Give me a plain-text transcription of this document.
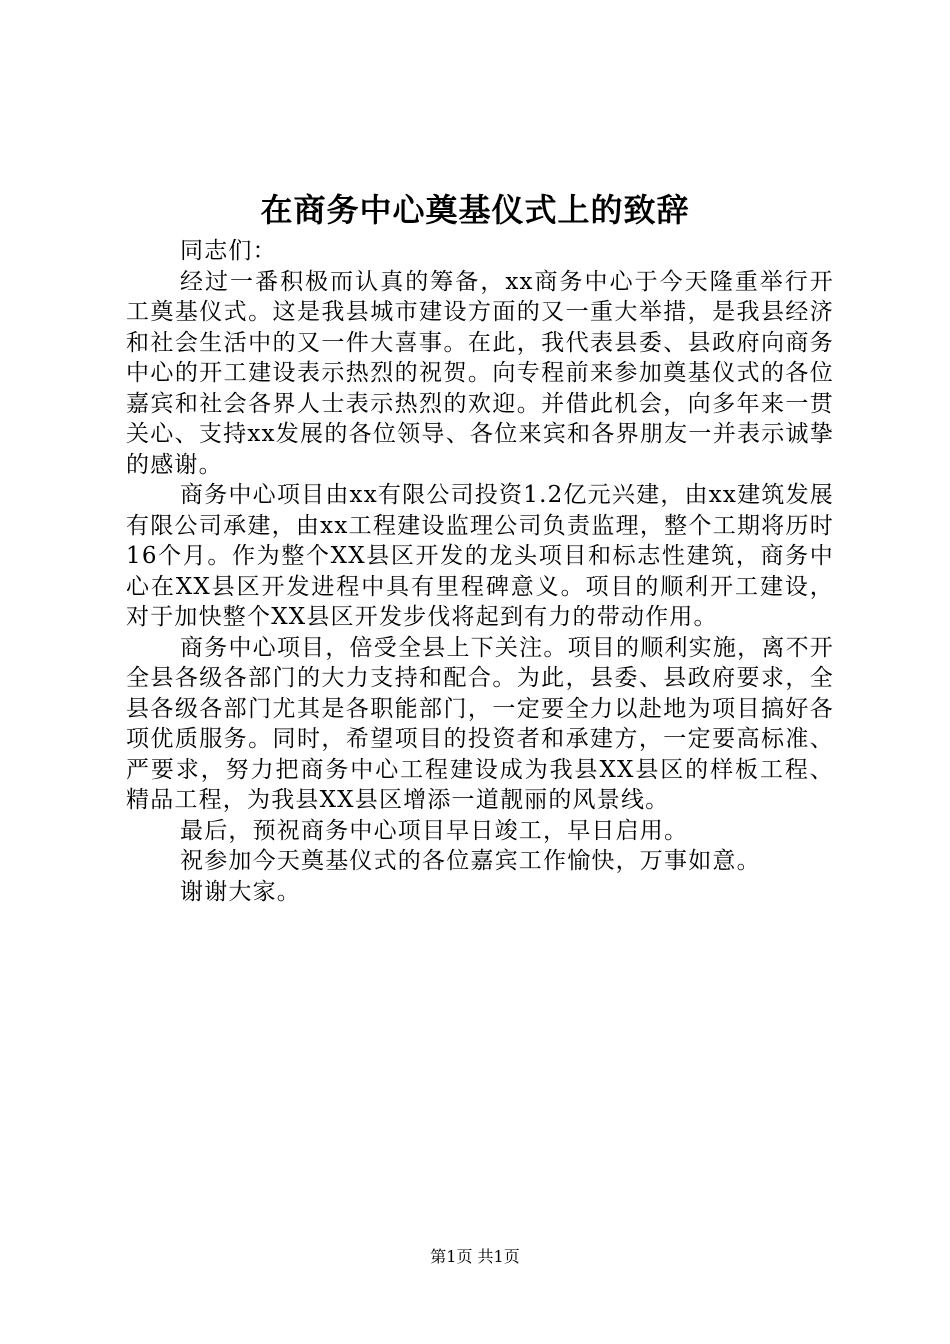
在商务中心奠基仪式上的致辞

同志们：

经过一番积极而认真的筹备，xx商务中心于今天隆重举行开工奠基仪式。这是我县城市建设方面的又一重大举措，是我县经济和社会生活中的又一件大喜事。在此，我代表县委、县政府向商务中心的开工建设表示热烈的祝贺。向专程前来参加奠基仪式的各位嘉宾和社会各界人士表示热烈的欢迎。并借此机会，向多年来一贯关心、支持xx发展的各位领导、各位来宾和各界朋友一并表示诚挚的感谢。

商务中心项目由xx有限公司投资1.2亿元兴建，由xx建筑发展有限公司承建，由xx工程建设监理公司负责监理，整个工期将历时16个月。作为整个XX县区开发的龙头项目和标志性建筑，商务中心在XX县区开发进程中具有里程碑意义。项目的顺利开工建设，对于加快整个XX县区开发步伐将起到有力的带动作用。

商务中心项目，倍受全县上下关注。项目的顺利实施，离不开全县各级各部门的大力支持和配合。为此，县委、县政府要求，全县各级各部门尤其是各职能部门，一定要全力以赴地为项目搞好各项优质服务。同时，希望项目的投资者和承建方，一定要高标准、严要求，努力把商务中心工程建设成为我县XX县区的样板工程、精品工程，为我县XX县区增添一道靓丽的风景线。

最后，预祝商务中心项目早日竣工，早日启用。

祝参加今天奠基仪式的各位嘉宾工作愉快，万事如意。

谢谢大家。

第1页 共1页
